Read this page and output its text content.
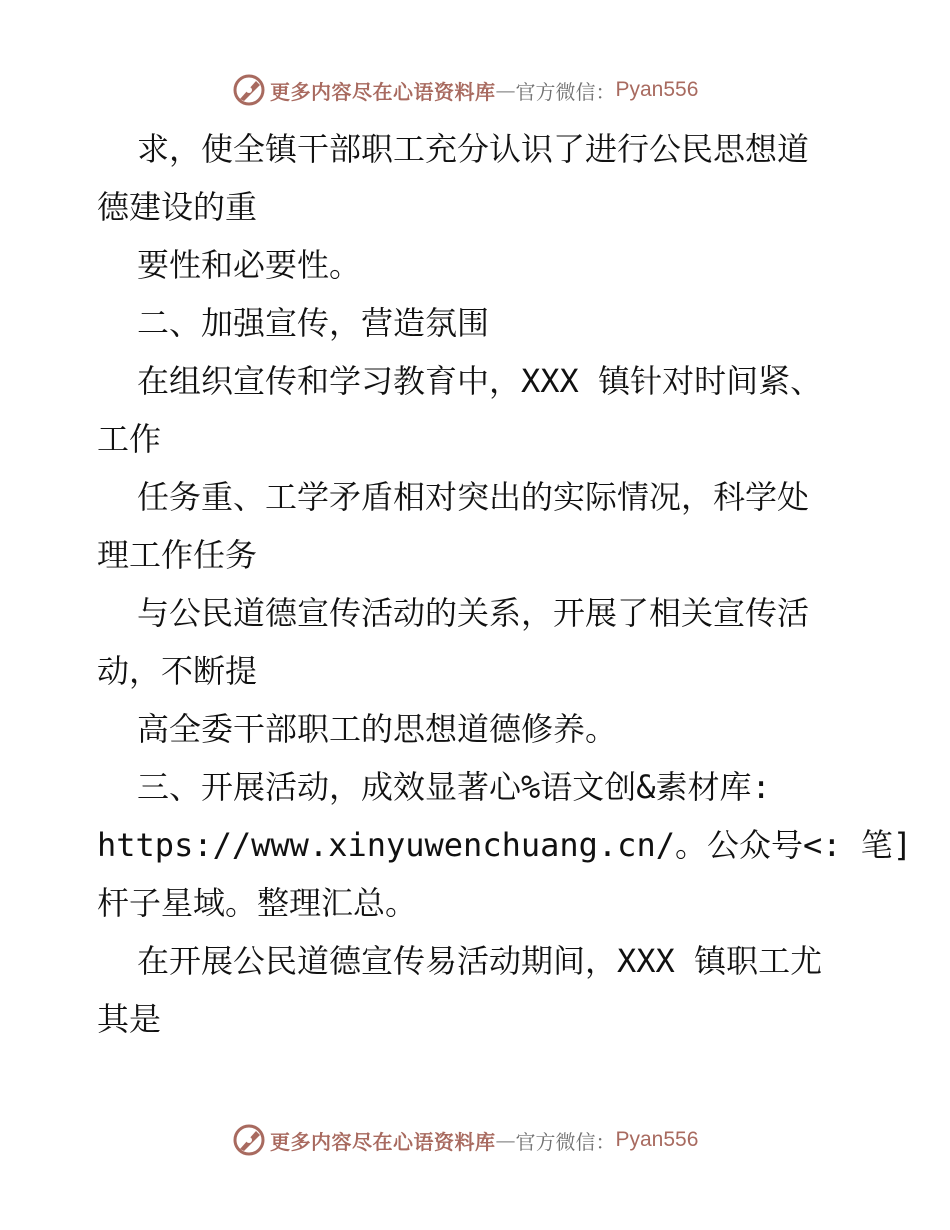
更多内容尽在心语资料库 — 官方微信： Pyan556
求，使全镇干部职工充分认识了进行公民思想道
德建设的重
要性和必要性。
二、加强宣传，营造氛围
在组织宣传和学习教育中，XXX 镇针对时间紧、
工作
任务重、工学矛盾相对突出的实际情况，科学处
理工作任务
与公民道德宣传活动的关系，开展了相关宣传活
动，不断提
高全委干部职工的思想道德修养。
三、开展活动，成效显著心%语文创&素材库:
https://www.xinyuwenchuang.cn/。公众号<: 笔]
杆子星域。整理汇总。
在开展公民道德宣传易活动期间，XXX 镇职工尤
其是
更多内容尽在心语资料库 — 官方微信： Pyan556
